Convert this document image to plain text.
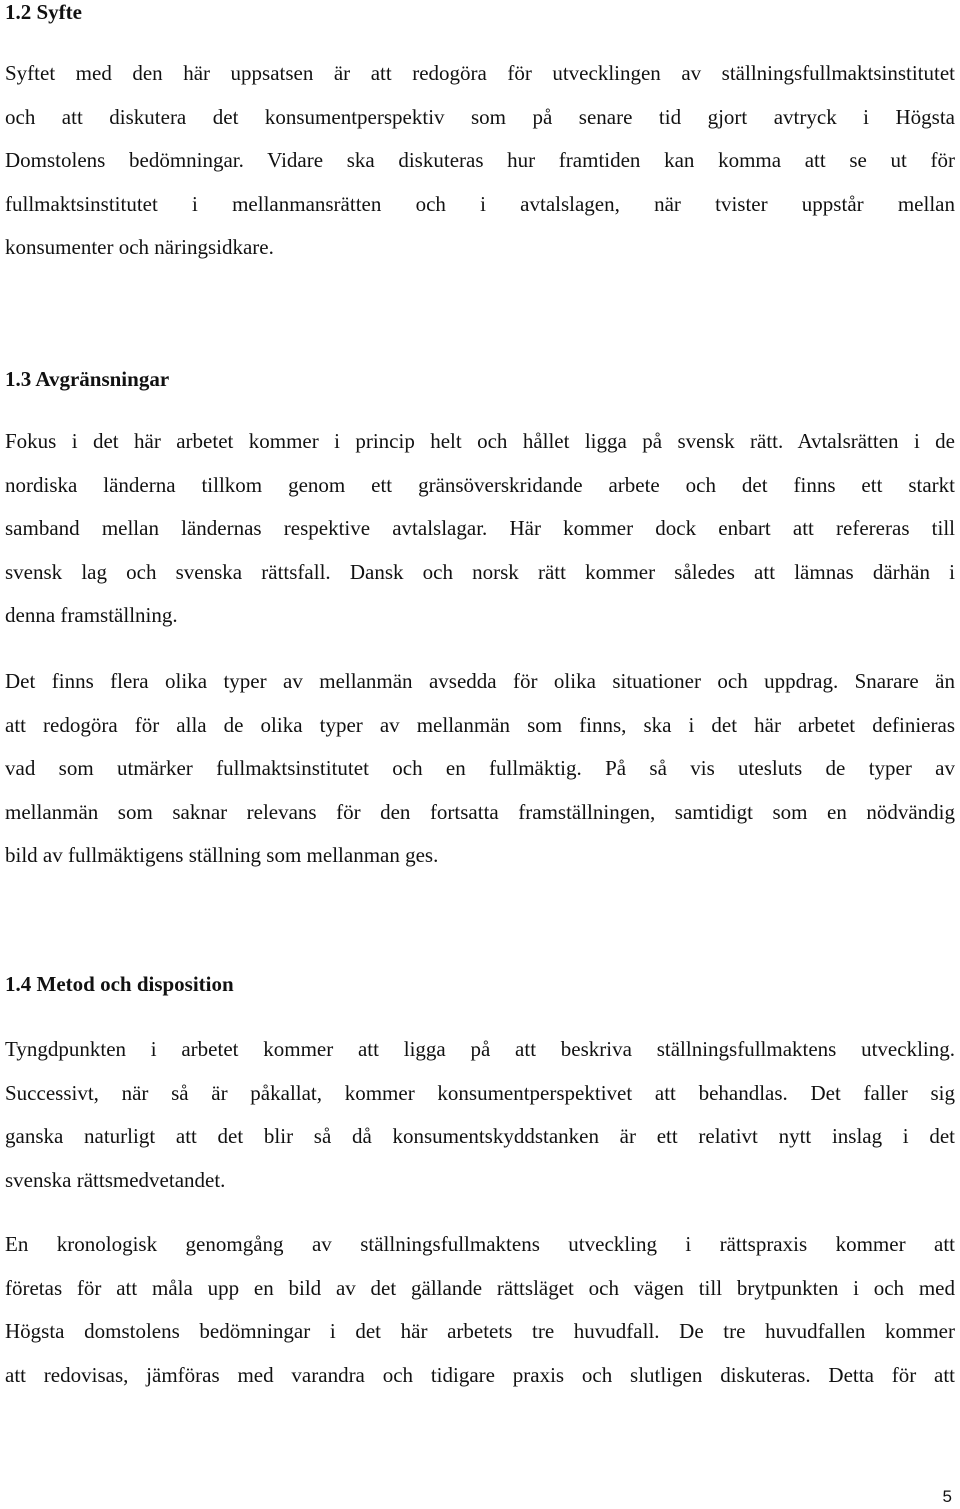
1.2 Syfte

Syftet med den här uppsatsen är att redogöra för utvecklingen av ställningsfullmaktsinstitutet
och att diskutera det konsumentperspektiv som på senare tid gjort avtryck i Högsta
Domstolens bedömningar. Vidare ska diskuteras hur framtiden kan komma att se ut för
fullmaktsinstitutet i mellanmansrätten och i avtalslagen, när tvister uppstår mellan
konsumenter och näringsidkare.

1.3 Avgränsningar

Fokus i det här arbetet kommer i princip helt och hållet ligga på svensk rätt. Avtalsrätten i de
nordiska länderna tillkom genom ett gränsöverskridande arbete och det finns ett starkt
samband mellan ländernas respektive avtalslagar. Här kommer dock enbart att refereras till
svensk lag och svenska rättsfall. Dansk och norsk rätt kommer således att lämnas därhän i
denna framställning.

Det finns flera olika typer av mellanmän avsedda för olika situationer och uppdrag. Snarare än
att redogöra för alla de olika typer av mellanmän som finns, ska i det här arbetet definieras
vad som utmärker fullmaktsinstitutet och en fullmäktig. På så vis utesluts de typer av
mellanmän som saknar relevans för den fortsatta framställningen, samtidigt som en nödvändig
bild av fullmäktigens ställning som mellanman ges.

1.4 Metod och disposition

Tyngdpunkten i arbetet kommer att ligga på att beskriva ställningsfullmaktens utveckling.
Successivt, när så är påkallat, kommer konsumentperspektivet att behandlas. Det faller sig
ganska naturligt att det blir så då konsumentskyddstanken är ett relativt nytt inslag i det
svenska rättsmedvetandet.

En kronologisk genomgång av ställningsfullmaktens utveckling i rättspraxis kommer att
företas för att måla upp en bild av det gällande rättsläget och vägen till brytpunkten i och med
Högsta domstolens bedömningar i det här arbetets tre huvudfall. De tre huvudfallen kommer
att redovisas, jämföras med varandra och tidigare praxis och slutligen diskuteras. Detta för att

5
